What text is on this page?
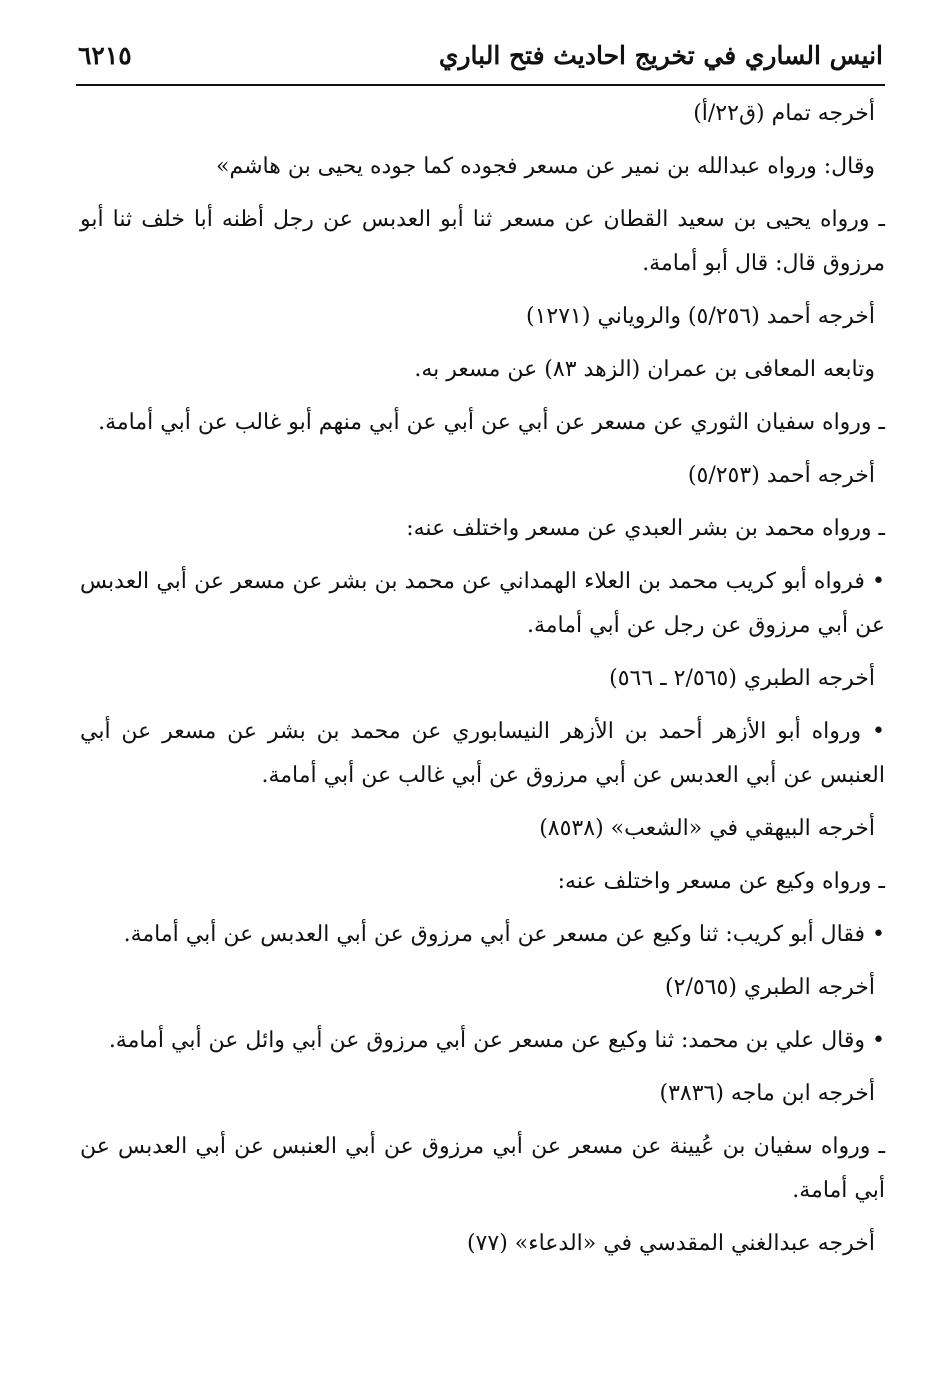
انيس الساري في تخريج احاديث فتح الباري
٦٢١٥

أخرجه تمام (ق٢٢/أ)

وقال: ورواه عبدالله بن نمير عن مسعر فجوده كما جوده يحيى بن هاشم»

ـ ورواه يحيى بن سعيد القطان عن مسعر ثنا أبو العدبس عن رجل أظنه أبا خلف ثنا أبو مرزوق قال: قال أبو أمامة.

أخرجه أحمد (٥/٢٥٦) والروياني (١٢٧١)

وتابعه المعافى بن عمران (الزهد ٨٣) عن مسعر به.

ـ ورواه سفيان الثوري عن مسعر عن أبي عن أبي عن أبي منهم أبو غالب عن أبي أمامة.

أخرجه أحمد (٥/٢٥٣)

ـ ورواه محمد بن بشر العبدي عن مسعر واختلف عنه:

• فرواه أبو كريب محمد بن العلاء الهمداني عن محمد بن بشر عن مسعر عن أبي العدبس عن أبي مرزوق عن رجل عن أبي أمامة.

أخرجه الطبري (٢/٥٦٥ ـ ٥٦٦)

• ورواه أبو الأزهر أحمد بن الأزهر النيسابوري عن محمد بن بشر عن مسعر عن أبي العنبس عن أبي العدبس عن أبي مرزوق عن أبي غالب عن أبي أمامة.

أخرجه البيهقي في «الشعب» (٨٥٣٨)

ـ ورواه وكيع عن مسعر واختلف عنه:

• فقال أبو كريب: ثنا وكيع عن مسعر عن أبي مرزوق عن أبي العدبس عن أبي أمامة.

أخرجه الطبري (٢/٥٦٥)

• وقال علي بن محمد: ثنا وكيع عن مسعر عن أبي مرزوق عن أبي وائل عن أبي أمامة.

أخرجه ابن ماجه (٣٨٣٦)

ـ ورواه سفيان بن عُيينة عن مسعر عن أبي مرزوق عن أبي العنبس عن أبي العدبس عن أبي أمامة.

أخرجه عبدالغني المقدسي في «الدعاء» (٧٧)
